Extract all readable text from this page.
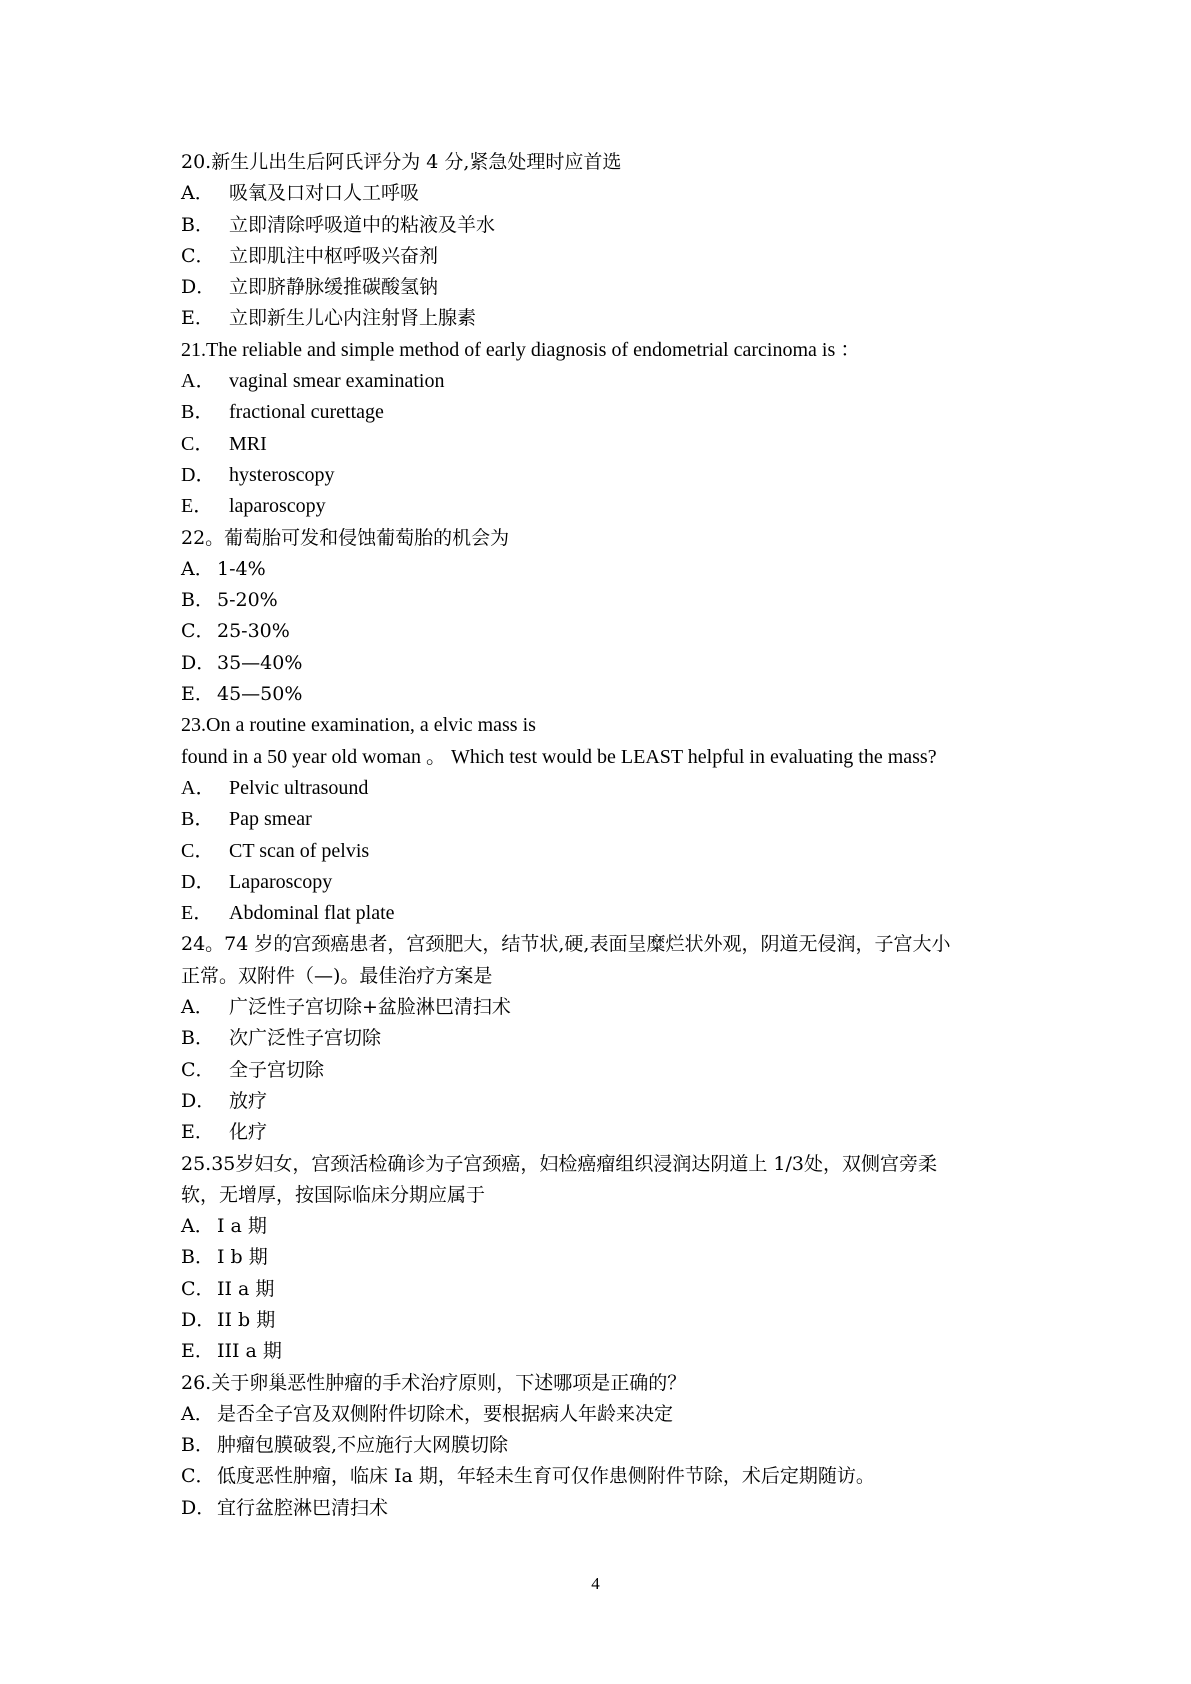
20.新生儿出生后阿氏评分为 4 分,紧急处理时应首选
A． 吸氧及口对口人工呼吸
B． 立即清除呼吸道中的粘液及羊水
C． 立即肌注中枢呼吸兴奋剂
D． 立即脐静脉缓推碳酸氢钠
E． 立即新生儿心内注射肾上腺素
21.The reliable and simple method of early diagnosis of endometrial carcinoma is ：
A． vaginal smear examination
B． fractional curettage
C． MRI
D． hysteroscopy
E． laparoscopy
22。葡萄胎可发和侵蚀葡萄胎的机会为
A． 1-4%
B． 5-20%
C． 25-30%
D．35—40%
E． 45—50%
23.On a routine examination, a elvic mass is
found in a 50 year old woman 。 Which test would be LEAST helpful in evaluating the mass?
A． Pelvic ultrasound
B． Pap smear
C． CT scan of pelvis
D． Laparoscopy
E． Abdominal flat plate
24。74 岁的宫颈癌患者，宫颈肥大，结节状,硬,表面呈糜烂状外观，阴道无侵润，子宫大小
正常。双附件（—)。最佳治疗方案是
A． 广泛性子宫切除+盆脸淋巴清扫术
B． 次广泛性子宫切除
C． 全子宫切除
D． 放疗
E． 化疗
25.35岁妇女，宫颈活检确诊为子宫颈癌，妇检癌瘤组织浸润达阴道上 1/3处，双侧宫旁柔
软，无增厚，按国际临床分期应属于
A． I a 期
B． I b 期
C． II a 期
D．II b 期
E． III a 期
26.关于卵巢恶性肿瘤的手术治疗原则，下述哪项是正确的？
A． 是否全子宫及双侧附件切除术，要根据病人年龄来决定
B． 肿瘤包膜破裂,不应施行大网膜切除
C． 低度恶性肿瘤，临床 Ia 期，年轻未生育可仅作患侧附件节除，术后定期随访。
D．宜行盆腔淋巴清扫术
4
